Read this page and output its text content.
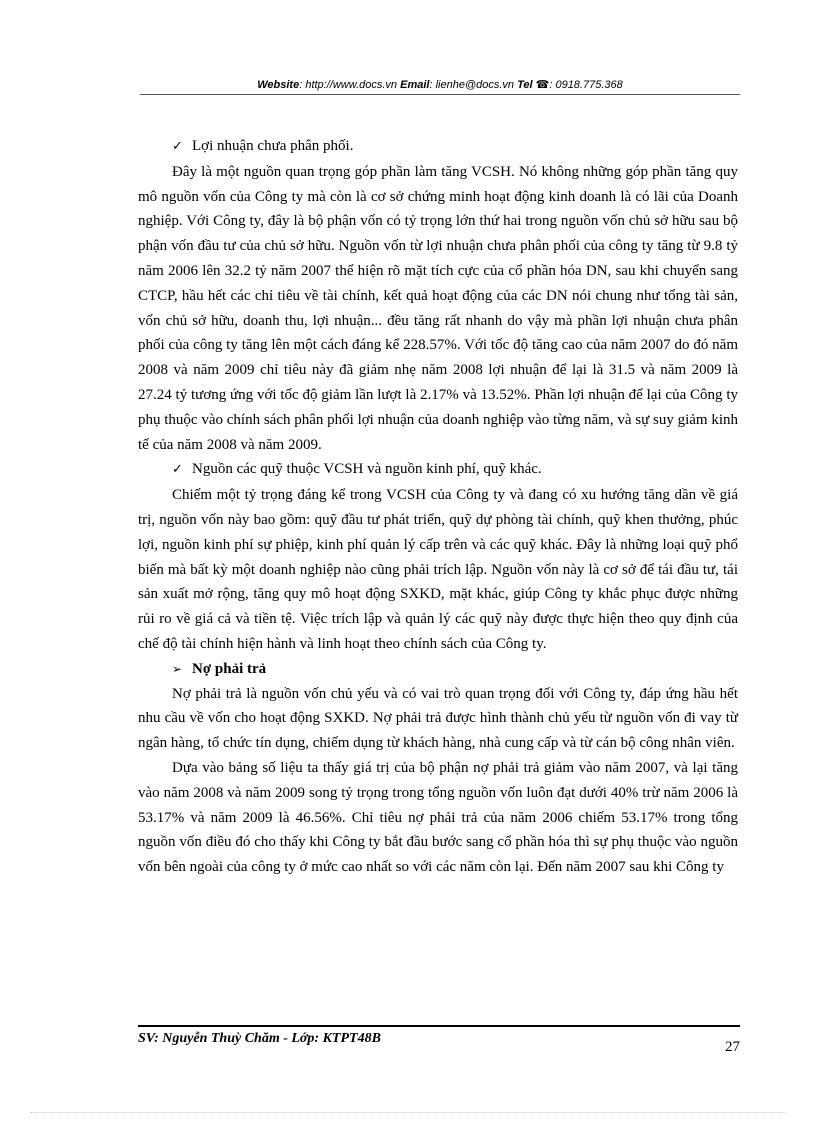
Website: http://www.docs.vn Email: lienhe@docs.vn Tel ☎: 0918.775.368

✓ Lợi nhuận chưa phân phối.

Đây là một nguồn quan trọng góp phần làm tăng VCSH. Nó không những góp phần tăng quy mô nguồn vốn của Công ty mà còn là cơ sở chứng minh hoạt động kinh doanh là có lãi của Doanh nghiệp. Với Công ty, đây là bộ phận vốn có tỷ trọng lớn thứ hai trong nguồn vốn chủ sở hữu sau bộ phận vốn đầu tư của chủ sở hữu. Nguồn vốn từ lợi nhuận chưa phân phối của công ty tăng từ 9.8 tỷ năm 2006 lên 32.2 tỷ năm 2007 thể hiện rõ mặt tích cực của cổ phần hóa DN, sau khi chuyển sang CTCP, hầu hết các chỉ tiêu về tài chính, kết quả hoạt động của các DN nói chung như tổng tài sản, vốn chủ sở hữu, doanh thu, lợi nhuận... đều tăng rất nhanh do vậy mà phần lợi nhuận chưa phân phối của công ty tăng lên một cách đáng kể 228.57%. Với tốc độ tăng cao của năm 2007 do đó năm 2008 và năm 2009 chỉ tiêu này đã giảm nhẹ năm 2008 lợi nhuận để lại là 31.5 và năm 2009 là 27.24 tỷ tương ứng với tốc độ giảm lần lượt là 2.17% và 13.52%. Phần lợi nhuận để lại của Công ty phụ thuộc vào chính sách phân phối lợi nhuận của doanh nghiệp vào từng năm, và sự suy giảm kinh tế của năm 2008 và năm 2009.

✓ Nguồn các quỹ thuộc VCSH và nguồn kinh phí, quỹ khác.

Chiếm một tỷ trọng đáng kể trong VCSH của Công ty và đang có xu hướng tăng dần về giá trị, nguồn vốn này bao gồm: quỹ đầu tư phát triển, quỹ dự phòng tài chính, quỹ khen thưởng, phúc lợi, nguồn kinh phí sự phiệp, kinh phí quản lý cấp trên và các quỹ khác. Đây là những loại quỹ phổ biến mà bất kỳ một doanh nghiệp nào cũng phải trích lập. Nguồn vốn này là cơ sở để tái đầu tư, tái sản xuất mở rộng, tăng quy mô hoạt động SXKD, mặt khác, giúp Công ty khắc phục được những rủi ro về giá cả và tiền tệ. Việc trích lập và quản lý các quỹ này được thực hiện theo quy định của chế độ tài chính hiện hành và linh hoạt theo chính sách của Công ty.

➢ Nợ phải trả

Nợ phải trả là nguồn vốn chủ yếu và có vai trò quan trọng đối với Công ty, đáp ứng hầu hết nhu cầu về vốn cho hoạt động SXKD. Nợ phải trả được hình thành chủ yếu từ nguồn vốn đi vay từ ngân hàng, tổ chức tín dụng, chiếm dụng từ khách hàng, nhà cung cấp và từ cán bộ công nhân viên.

Dựa vào bảng số liệu ta thấy giá trị của bộ phận nợ phải trả giảm vào năm 2007, và lại tăng vào năm 2008 và năm 2009 song tỷ trọng trong tổng nguồn vốn luôn đạt dưới 40% trừ năm 2006 là 53.17% và năm 2009 là 46.56%. Chỉ tiêu nợ phải trả của năm 2006 chiếm 53.17% trong tổng nguồn vốn điều đó cho thấy khi Công ty bắt đầu bước sang cổ phần hóa thì sự phụ thuộc vào nguồn vốn bên ngoài của công ty ở mức cao nhất so với các năm còn lại. Đến năm 2007 sau khi Công ty

SV: Nguyễn Thuỳ Chăm - Lớp: KTPT48B
27
